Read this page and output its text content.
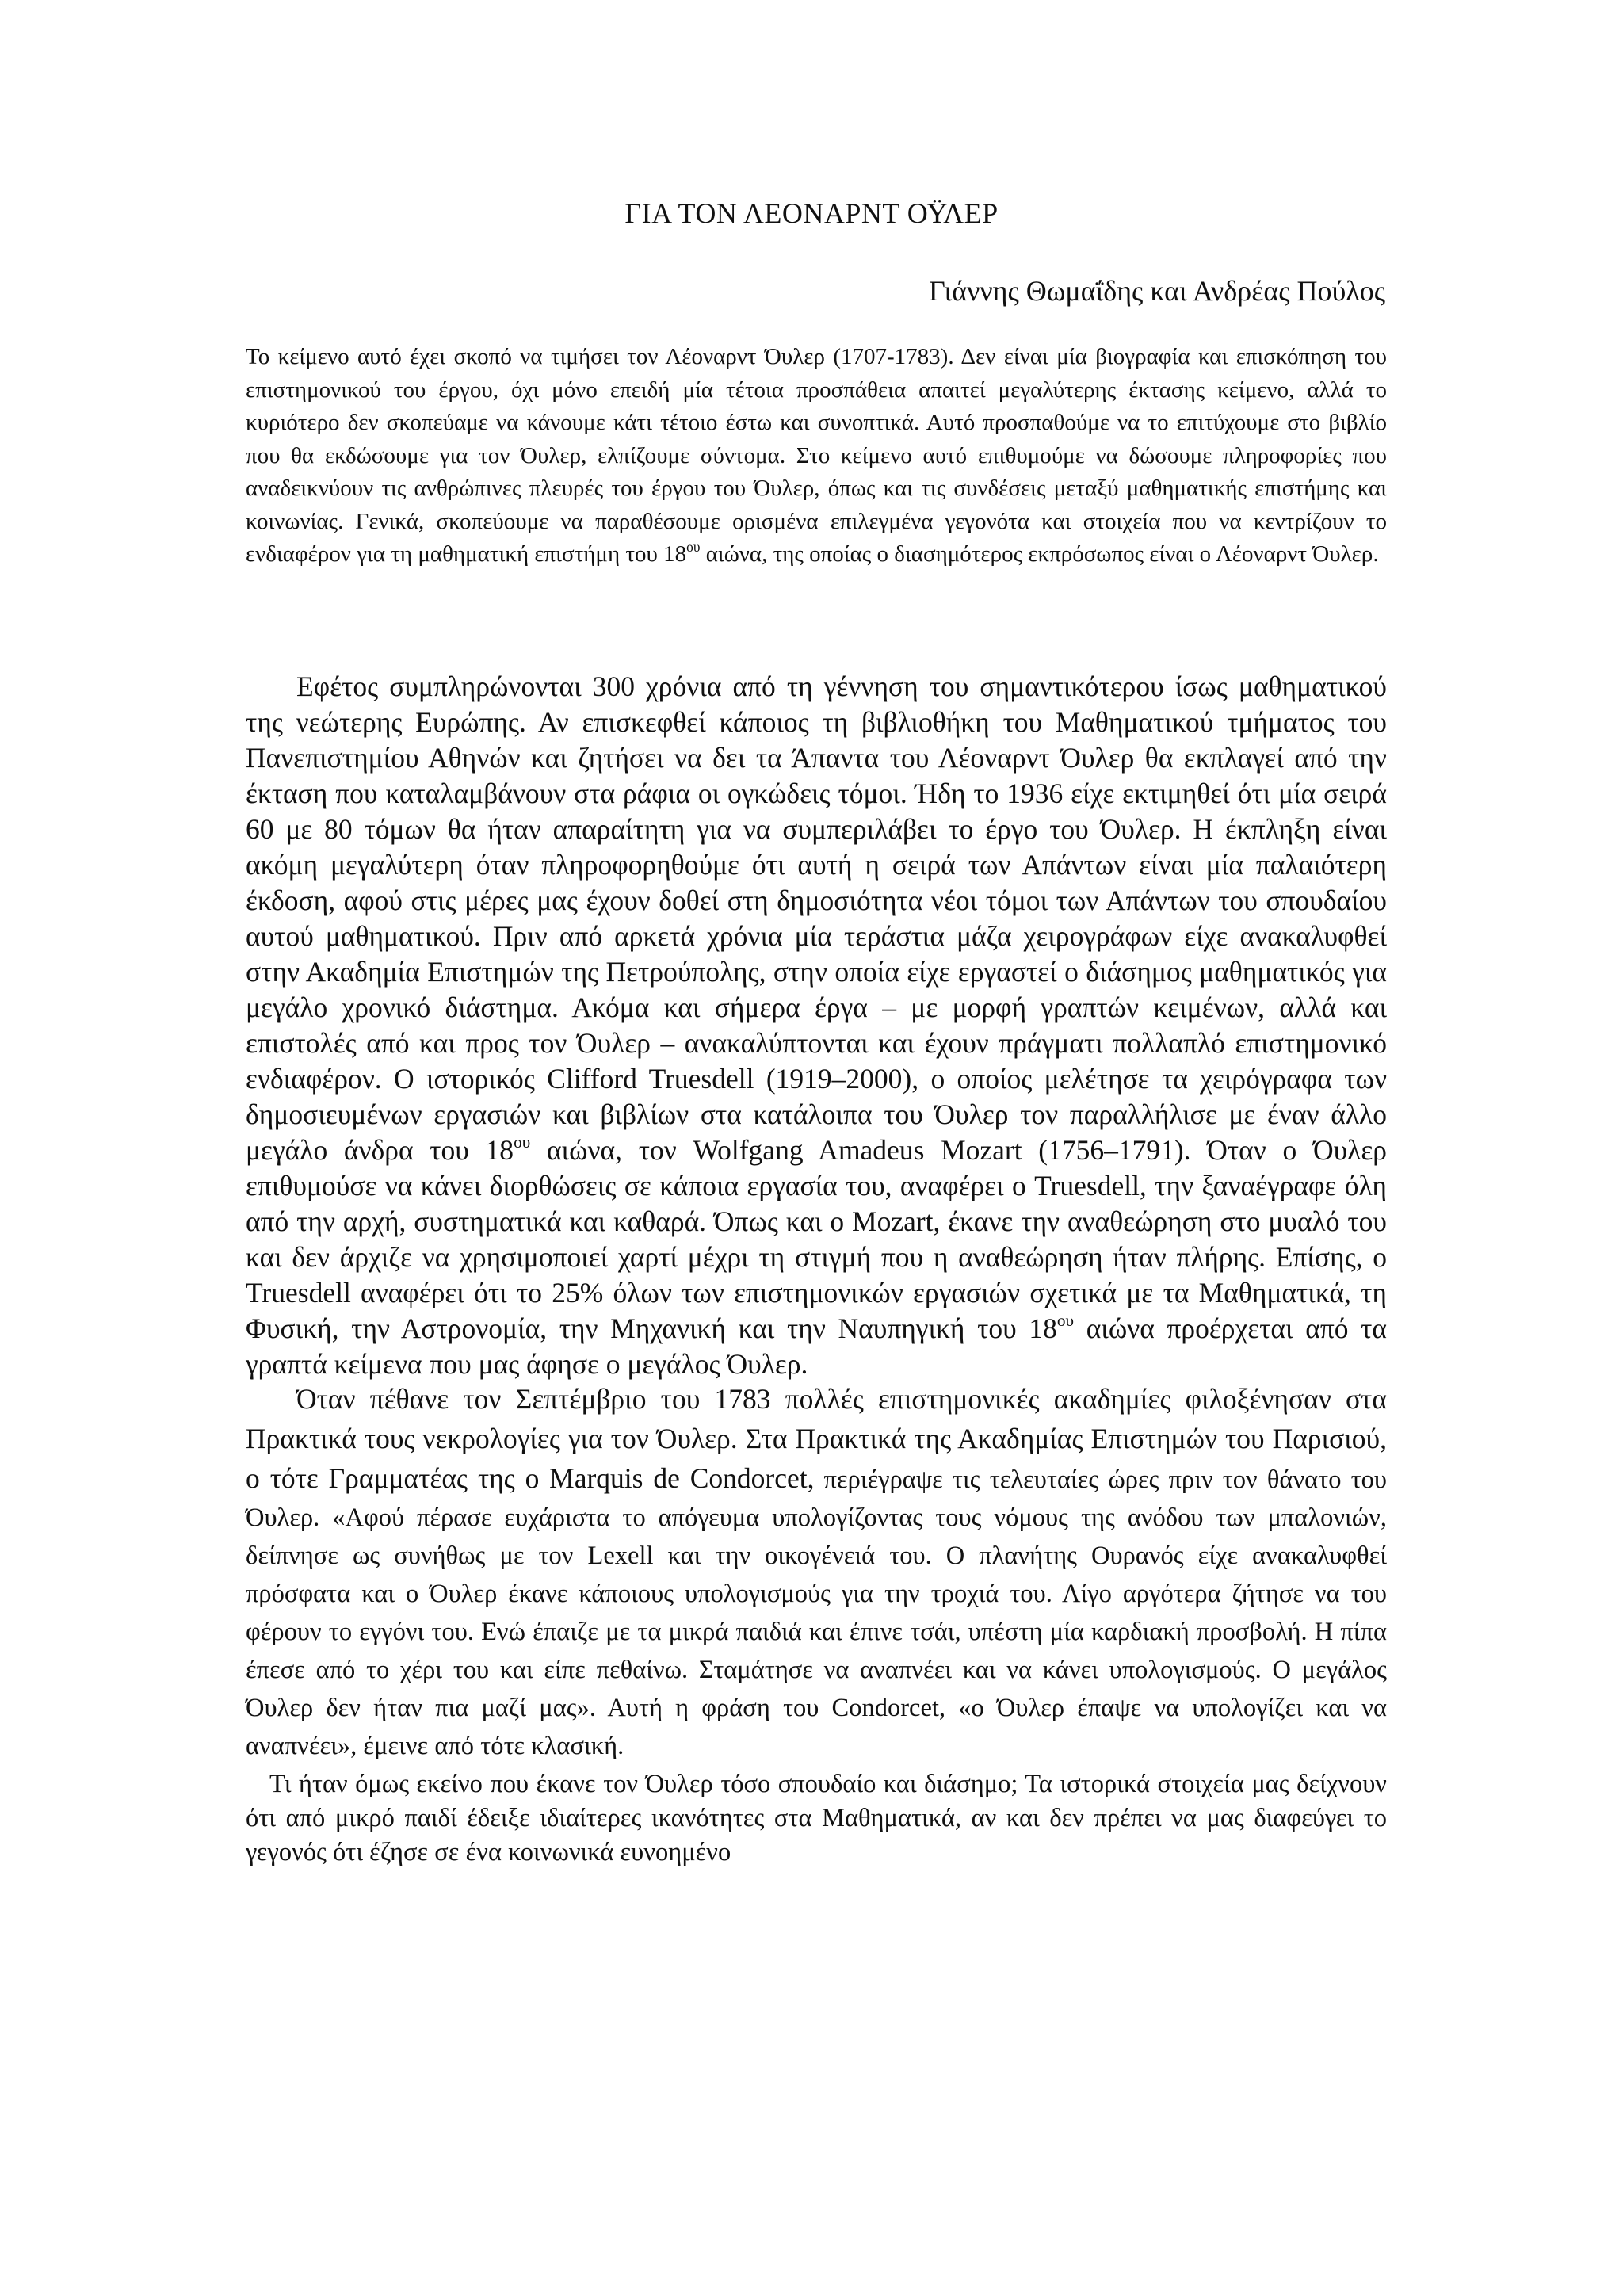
ΓΙΑ ΤΟΝ ΛΕΟΝΑΡΝΤ ΟΫΛΕΡ

Γιάννης Θωμαΐδης και Ανδρέας Πούλος

Το κείμενο αυτό έχει σκοπό να τιμήσει τον Λέοναρντ Όυλερ (1707-1783). Δεν είναι μία βιογραφία και επισκόπηση του επιστημονικού του έργου, όχι μόνο επειδή μία τέτοια προσπάθεια απαιτεί μεγαλύτερης έκτασης κείμενο, αλλά το κυριότερο δεν σκοπεύαμε να κάνουμε κάτι τέτοιο έστω και συνοπτικά. Αυτό προσπαθούμε να το επιτύχουμε στο βιβλίο που θα εκδώσουμε για τον Όυλερ, ελπίζουμε σύντομα. Στο κείμενο αυτό επιθυμούμε να δώσουμε πληροφορίες που αναδεικνύουν τις ανθρώπινες πλευρές του έργου του Όυλερ, όπως και τις συνδέσεις μεταξύ μαθηματικής επιστήμης και κοινωνίας. Γενικά, σκοπεύουμε να παραθέσουμε ορισμένα επιλεγμένα γεγονότα και στοιχεία που να κεντρίζουν το ενδιαφέρον για τη μαθηματική επιστήμη του $18^{o\upsilon}$ αιώνα, της οποίας ο διασημότερος εκπρόσωπος είναι ο Λέοναρντ Όυλερ.

Εφέτος συμπληρώνονται 300 χρόνια από τη γέννηση του σημαντικότερου ίσως μαθηματικού της νεώτερης Ευρώπης. Αν επισκεφθεί κάποιος τη βιβλιοθήκη του Μαθηματικού τμήματος του Πανεπιστημίου Αθηνών και ζητήσει να δει τα Άπαντα του Λέοναρντ Όυλερ θα εκπλαγεί από την έκταση που καταλαμβάνουν στα ράφια οι ογκώδεις τόμοι. Ήδη το 1936 είχε εκτιμηθεί ότι μία σειρά 60 με 80 τόμων θα ήταν απαραίτητη για να συμπεριλάβει το έργο του Όυλερ. Η έκπληξη είναι ακόμη μεγαλύτερη όταν πληροφορηθούμε ότι αυτή η σειρά των Απάντων είναι μία παλαιότερη έκδοση, αφού στις μέρες μας έχουν δοθεί στη δημοσιότητα νέοι τόμοι των Απάντων του σπουδαίου αυτού μαθηματικού. Πριν από αρκετά χρόνια μία τεράστια μάζα χειρογράφων είχε ανακαλυφθεί στην Ακαδημία Επιστημών της Πετρούπολης, στην οποία είχε εργαστεί ο διάσημος μαθηματικός για μεγάλο χρονικό διάστημα. Ακόμα και σήμερα έργα – με μορφή γραπτών κειμένων, αλλά και επιστολές από και προς τον Όυλερ – ανακαλύπτονται και έχουν πράγματι πολλαπλό επιστημονικό ενδιαφέρον. Ο ιστορικός Clifford Truesdell (1919–2000), ο οποίος μελέτησε τα χειρόγραφα των δημοσιευμένων εργασιών και βιβλίων στα κατάλοιπα του Όυλερ τον παραλλήλισε με έναν άλλο μεγάλο άνδρα του $18^{o\upsilon}$ αιώνα, τον Wolfgang Amadeus Mozart (1756–1791). Όταν ο Όυλερ επιθυμούσε να κάνει διορθώσεις σε κάποια εργασία του, αναφέρει ο Truesdell, την ξαναέγραφε όλη από την αρχή, συστηματικά και καθαρά. Όπως και ο Mozart, έκανε την αναθεώρηση στο μυαλό του και δεν άρχιζε να χρησιμοποιεί χαρτί μέχρι τη στιγμή που η αναθεώρηση ήταν πλήρης. Επίσης, ο Truesdell αναφέρει ότι το 25% όλων των επιστημονικών εργασιών σχετικά με τα Μαθηματικά, τη Φυσική, την Αστρονομία, την Μηχανική και την Ναυπηγική του $18^{o\upsilon}$ αιώνα προέρχεται από τα γραπτά κείμενα που μας άφησε ο μεγάλος Όυλερ.

Όταν πέθανε τον Σεπτέμβριο του 1783 πολλές επιστημονικές ακαδημίες φιλοξένησαν στα Πρακτικά τους νεκρολογίες για τον Όυλερ. Στα Πρακτικά της Ακαδημίας Επιστημών του Παρισιού, ο τότε Γραμματέας της ο Marquis de Condorcet, περιέγραψε τις τελευταίες ώρες πριν τον θάνατο του Όυλερ. «Αφού πέρασε ευχάριστα το απόγευμα υπολογίζοντας τους νόμους της ανόδου των μπαλονιών, δείπνησε ως συνήθως με τον Lexell και την οικογένειά του. Ο πλανήτης Ουρανός είχε ανακαλυφθεί πρόσφατα και ο Όυλερ έκανε κάποιους υπολογισμούς για την τροχιά του. Λίγο αργότερα ζήτησε να του φέρουν το εγγόνι του. Ενώ έπαιζε με τα μικρά παιδιά και έπινε τσάι, υπέστη μία καρδιακή προσβολή. Η πίπα έπεσε από το χέρι του και είπε πεθαίνω. Σταμάτησε να αναπνέει και να κάνει υπολογισμούς. Ο μεγάλος Όυλερ δεν ήταν πια μαζί μας». Αυτή η φράση του Condorcet, «ο Όυλερ έπαψε να υπολογίζει και να αναπνέει», έμεινε από τότε κλασική.

Τι ήταν όμως εκείνο που έκανε τον Όυλερ τόσο σπουδαίο και διάσημο; Τα ιστορικά στοιχεία μας δείχνουν ότι από μικρό παιδί έδειξε ιδιαίτερες ικανότητες στα Μαθηματικά, αν και δεν πρέπει να μας διαφεύγει το γεγονός ότι έζησε σε ένα κοινωνικά ευνοημένο
